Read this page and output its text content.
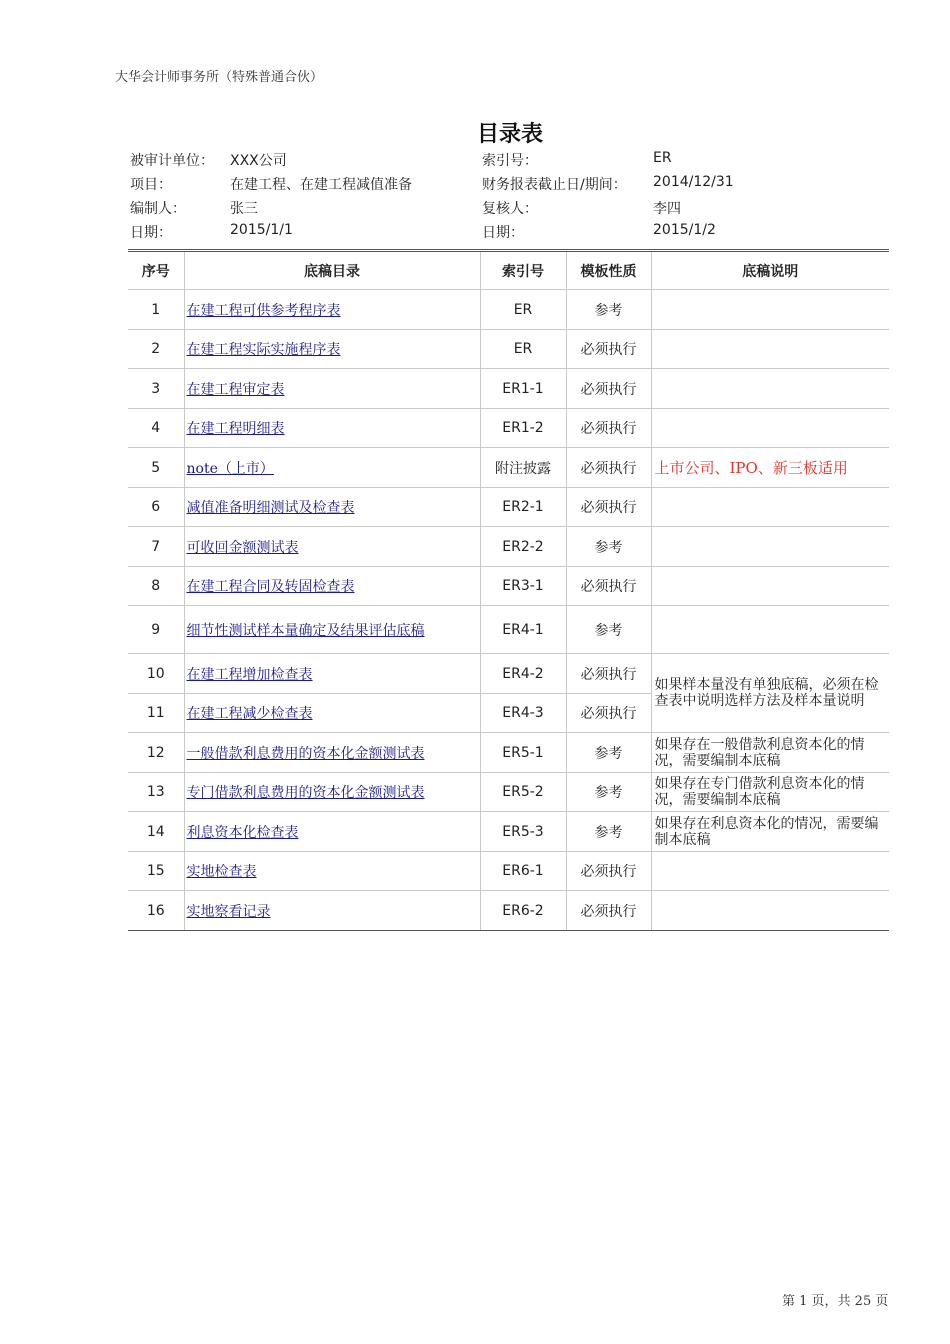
大华会计师事务所（特殊普通合伙）
目录表
被审计单位： XXX公司	索引号：	ER
项目：	在建工程、在建工程减值准备	财务报表截止日/期间： 2014/12/31
编制人：	张三	复核人：	李四
日期：	2015/1/1	日期：	2015/1/2
序号	底稿目录	索引号	模板性质	底稿说明
1	在建工程可供参考程序表	ER	参考	
2	在建工程实际实施程序表	ER	必须执行	
3	在建工程审定表	ER1-1	必须执行	
4	在建工程明细表	ER1-2	必须执行	
5	note（上市）	附注披露	必须执行	上市公司、IPO、新三板适用
6	减值准备明细测试及检查表	ER2-1	必须执行	
7	可收回金额测试表	ER2-2	参考	
8	在建工程合同及转固检查表	ER3-1	必须执行	
9	细节性测试样本量确定及结果评估底稿	ER4-1	参考	
10	在建工程增加检查表	ER4-2	必须执行	如果样本量没有单独底稿，必须在检查表中说明选样方法及样本量说明
11	在建工程减少检查表	ER4-3	必须执行	
12	一般借款利息费用的资本化金额测试表	ER5-1	参考	如果存在一般借款利息资本化的情况，需要编制本底稿
13	专门借款利息费用的资本化金额测试表	ER5-2	参考	如果存在专门借款利息资本化的情况，需要编制本底稿
14	利息资本化检查表	ER5-3	参考	如果存在利息资本化的情况，需要编制本底稿
15	实地检查表	ER6-1	必须执行	
16	实地察看记录	ER6-2	必须执行	
第 1 页，共 25 页
